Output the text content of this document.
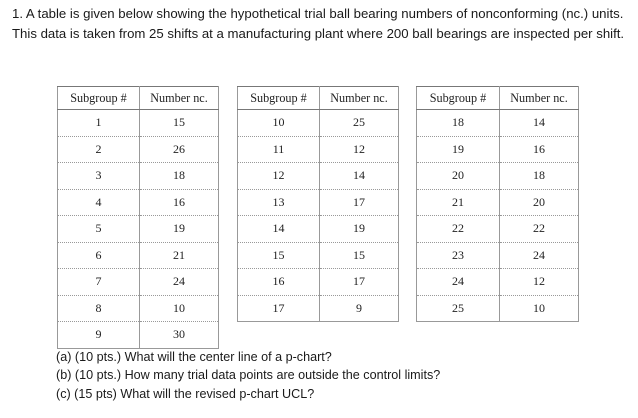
1. A table is given below showing the hypothetical trial ball bearing numbers of nonconforming (nc.) units. This data is taken from 25 shifts at a manufacturing plant where 200 ball bearings are inspected per shift.
Subgroup #	Number nc.
1	15
2	26
3	18
4	16
5	19
6	21
7	24
8	10
9	30
Subgroup #	Number nc.
10	25
11	12
12	14
13	17
14	19
15	15
16	17
17	9
Subgroup #	Number nc.
18	14
19	16
20	18
21	20
22	22
23	24
24	12
25	10
(a) (10 pts.) What will the center line of a p-chart?
(b) (10 pts.) How many trial data points are outside the control limits?
(c) (15 pts) What will the revised p-chart UCL?
